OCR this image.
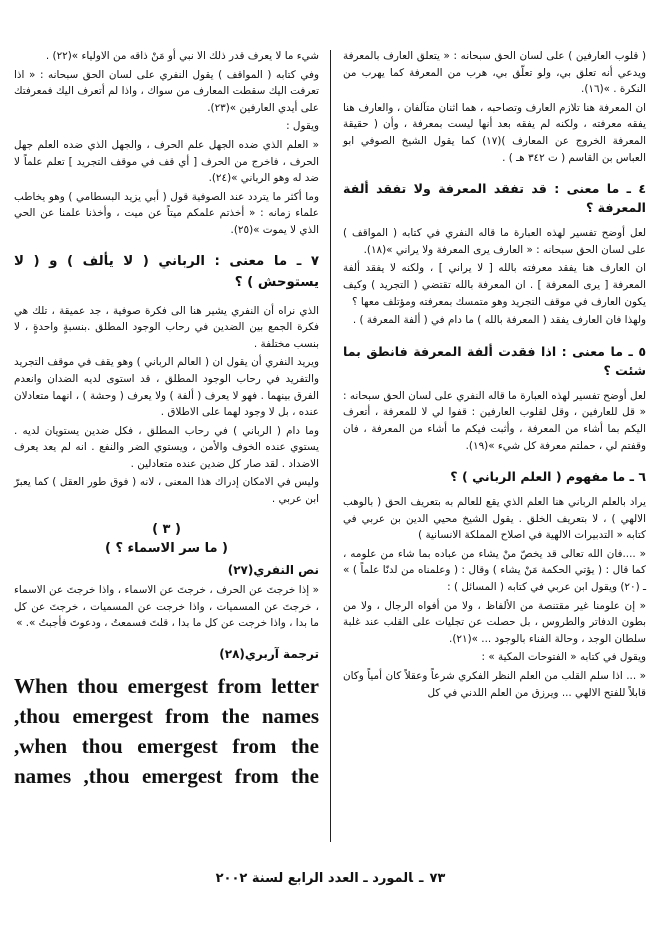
( قلوب العارفين ) على لسان الحق سبحانه : « يتعلق العارف بالمعرفة ويدعي أنه تعلق بي، ولو تعلّق بي، هرب من المعرفة كما يهرب من النكرة . »(١٦).

ان المعرفة هنا تلازم العارف وتصاحبه ، هما اثنان متآلفان ، والعارف هنا يفقه معرفته ، ولكنه لم يفقه بعد أنها ليست بمعرفة ، وأن ( حقيقة المعرفة الخروج عن المعارف )(١٧) كما يقول الشيخ الصوفي ابو العباس بن القاسم ( ت ٣٤٢ هـ ) .

٤ ـ ما معنى : قد تفقد المعرفة ولا تفقد ألفة المعرفة ؟

لعل أوضح تفسير لهذه العبارة ما قاله النفري في كتابه ( المواقف ) على لسان الحق سبحانه : « العارف يرى المعرفة ولا يراني »(١٨).

ان العارف هنا يفقد معرفته بالله [ لا يراني ] ، ولكنه لا يفقد ألفة المعرفة [ يرى المعرفة ] . ان المعرفة بالله تقتضي ( التجريد ) وكيف يكون العارف في موقف التجريد وهو متمسك بمعرفته ومؤتلف معها ؟

ولهذا فان العارف يفقد ( المعرفة بالله ) ما دام في ( ألفة المعرفة ) .

٥ ـ ما معنى : اذا فقدت ألفة المعرفة فانطق بما شئت ؟

لعل أوضح تفسير لهذه العبارة ما قاله النفري على لسان الحق سبحانه : « قل للعارفين ، وقل لقلوب العارفين : قفوا لي لا للمعرفة ، أتعرف اليكم بما أشاء من المعرفة ، وأثبت فيكم ما أشاء من المعرفة ، فان وقفتم لي ، حملتم معرفة كل شيء »(١٩).

٦ ـ ما مفهوم ( العلم الرباني ) ؟

يراد بالعلم الرباني هنا العلم الذي يقع للعالم به بتعريف الحق ( بالوهب الالهي ) ، لا بتعريف الخلق . يقول الشيخ محيي الدين بن عربي في كتابه « التدبيرات الالهية في اصلاح المملكة الانسانية )

« ....فان الله تعالى قد يخصّ منْ يشاء من عباده بما شاء من علومه ، كما قال : ( يؤتي الحكمة مَنْ يشاء ) وقال : ( وعلمناه من لدنّا علماً ) » ـ (٢٠) ويقول ابن عربي في كتابه ( المسائل ) :

« إن علومنا غير مقتنصة من الألفاظ ، ولا من أفواه الرجال ، ولا من بطون الدفاتر والطروس ، بل حصلت عن تجليات على القلب عند غلبة سلطان الوجد ، وحالة الفناء بالوجود ... »(٢١).

ويقول في كتابه « الفتوحات المكية » :

« ... اذا سلم القلب من العلم النظر الفكري شرعاً وعقلاً كان أمياً وكان قابلاً للفتح الالهي ... ويرزق من العلم اللدني في كل

شيء ما لا يعرف قدر ذلك الا نبي أو مَنْ ذاقه من الاولياء »(٢٢) .

وفي كتابه ( المواقف ) يقول النفري على لسان الحق سبحانه : « اذا تعرفت اليك سقطت المعارف من سواك ، واذا لم أتعرف اليك فمعرفتك على أيدي العارفين »(٢٣).

ويقول :

« العلم الذي ضده الجهل علم الحرف ، والجهل الذي ضده العلم جهل الحرف ، فاخرج من الحرف [ أي قف في موقف التجريد ] تعلم علماً لا ضد له وهو الرباني »(٢٤).

وما أكثر ما يتردد عند الصوفية قول ( أبي يزيد البسطامي ) وهو يخاطب علماء زمانه : « أخذتم علمكم ميتاً عن ميت ، وأخذنا علمنا عن الحي الذي لا يموت »(٢٥).

٧ ـ ما معنى : الرباني ( لا يألف ) و ( لا يستوحش ) ؟

الذي نراه أن النفري يشير هنا الى فكرة صوفية ، جد عميقة ، تلك هي فكرة الجمع بين الضدين في رحاب الوجود المطلق .بنسبةٍ واحدةٍ ، لا بنسب مختلفة .

ويريد النفري أن يقول ان ( العالم الرباني ) وهو يقف في موقف التجريد والتفريد في رحاب الوجود المطلق ، قد استوى لديه الضدان وانعدم الفرق بينهما . فهو لا يعرف ( ألفة ) ولا يعرف ( وحشة ) ، انهما متعادلان عنده ، بل لا وجود لهما على الاطلاق .

وما دام ( الرباني ) في رحاب المطلق ، فكل ضدين يستويان لديه . يستوي عنده الخوف والأمن ، ويستوي الضر والنفع . انه لم يعد يعرف الاضداد . لقد صار كل ضدين عنده متعادلين .

وليس في الامكان إدراك هذا المعنى ، لانه ( فوق طور العقل ) كما يعبرّ ابن عربي .

( ٣ )

( ما سر الاسماء ؟ )

نص النفري(٢٧)

« إذا خرجتَ عن الحرف ، خرجتَ عن الاسماء ، واذا خرجتَ عن الاسماء ، خرجتَ عن المسميات ، واذا خرجت عن المسميات ، خرجتَ عن كل ما بدا ، واذا خرجت عن كل ما بدا ، قلتَ فسمعتُ ، ودعوتَ فأجبتُ ». »

ترجمة آربري(٢٨)

When thou emergest from letter ,thou emergest from the names ,when thou emergest from the names ,thou emergest from the

٧٣ـالمورد ـ العدد الرابع لسنة ٢٠٠٢
